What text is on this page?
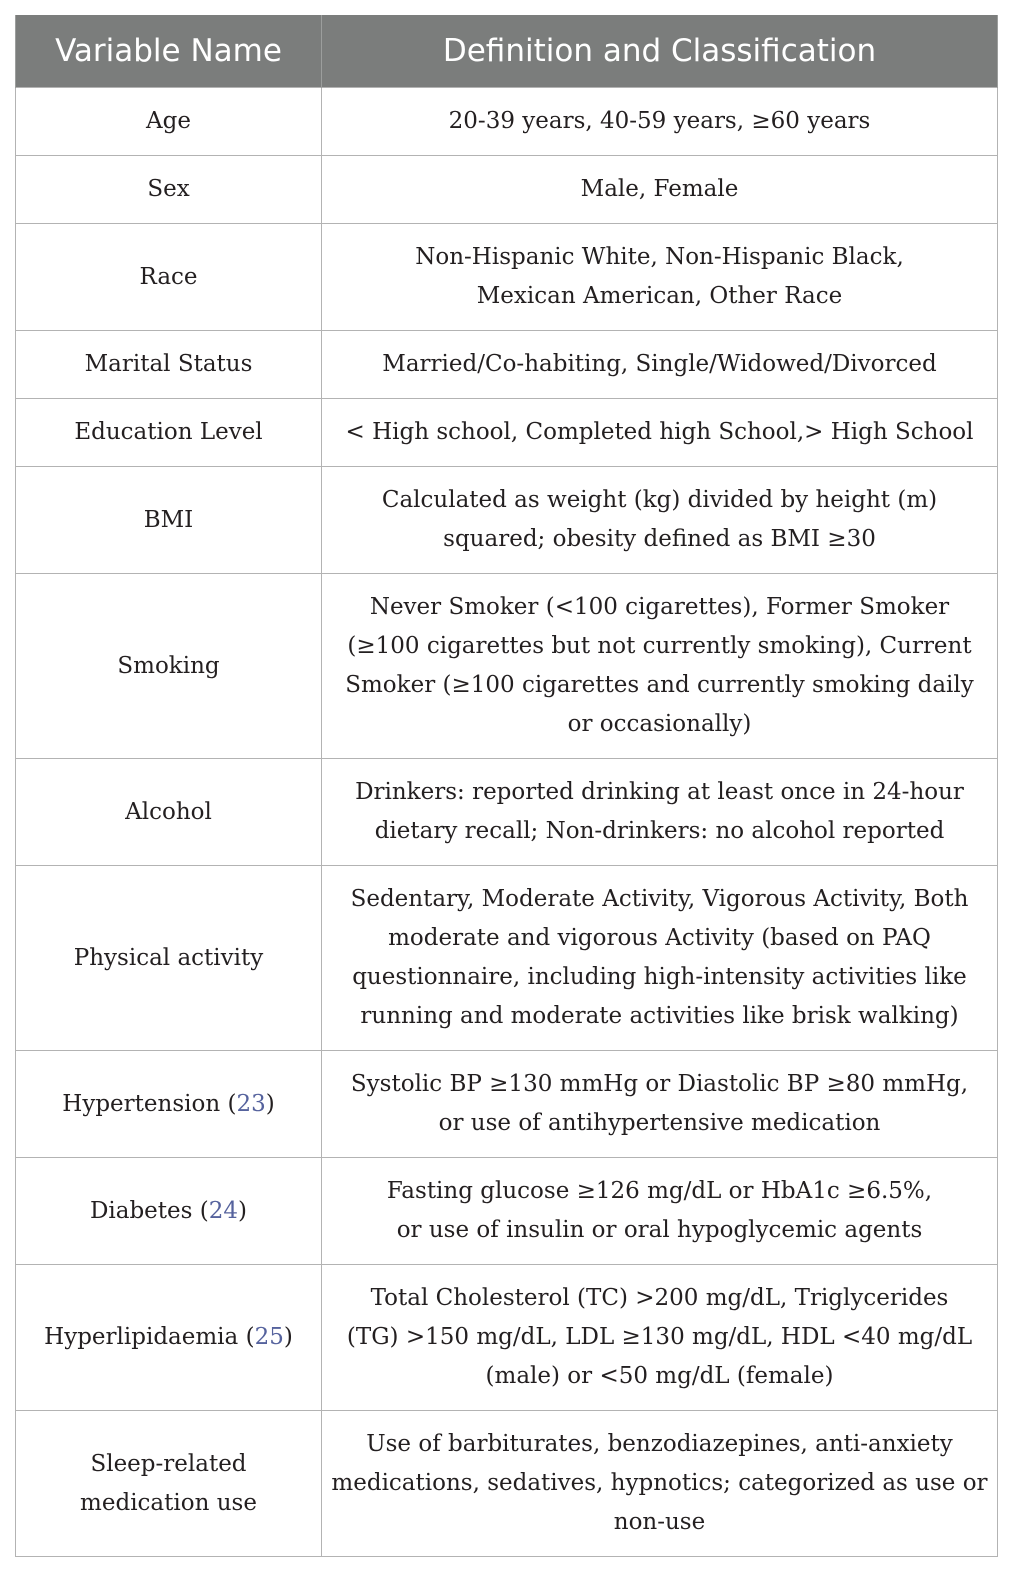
Variable Name	Definition and Classification
Age	20-39 years, 40-59 years, ≥60 years
Sex	Male, Female
Race	Non-Hispanic White, Non-Hispanic Black,
Mexican American, Other Race
Marital Status	Married/Co-habiting, Single/Widowed/Divorced
Education Level	< High school, Completed high School,> High School
BMI	Calculated as weight (kg) divided by height (m)
squared; obesity defined as BMI ≥30
Smoking	Never Smoker (<100 cigarettes), Former Smoker
(≥100 cigarettes but not currently smoking), Current
Smoker (≥100 cigarettes and currently smoking daily
or occasionally)
Alcohol	Drinkers: reported drinking at least once in 24-hour
dietary recall; Non-drinkers: no alcohol reported
Physical activity	Sedentary, Moderate Activity, Vigorous Activity, Both
moderate and vigorous Activity (based on PAQ
questionnaire, including high-intensity activities like
running and moderate activities like brisk walking)
Hypertension (23)	Systolic BP ≥130 mmHg or Diastolic BP ≥80 mmHg,
or use of antihypertensive medication
Diabetes (24)	Fasting glucose ≥126 mg/dL or HbA1c ≥6.5%,
or use of insulin or oral hypoglycemic agents
Hyperlipidaemia (25)	Total Cholesterol (TC) >200 mg/dL, Triglycerides
(TG) >150 mg/dL, LDL ≥130 mg/dL, HDL <40 mg/dL
(male) or <50 mg/dL (female)
Sleep-related
medication use	Use of barbiturates, benzodiazepines, anti-anxiety
medications, sedatives, hypnotics; categorized as use or
non-use
